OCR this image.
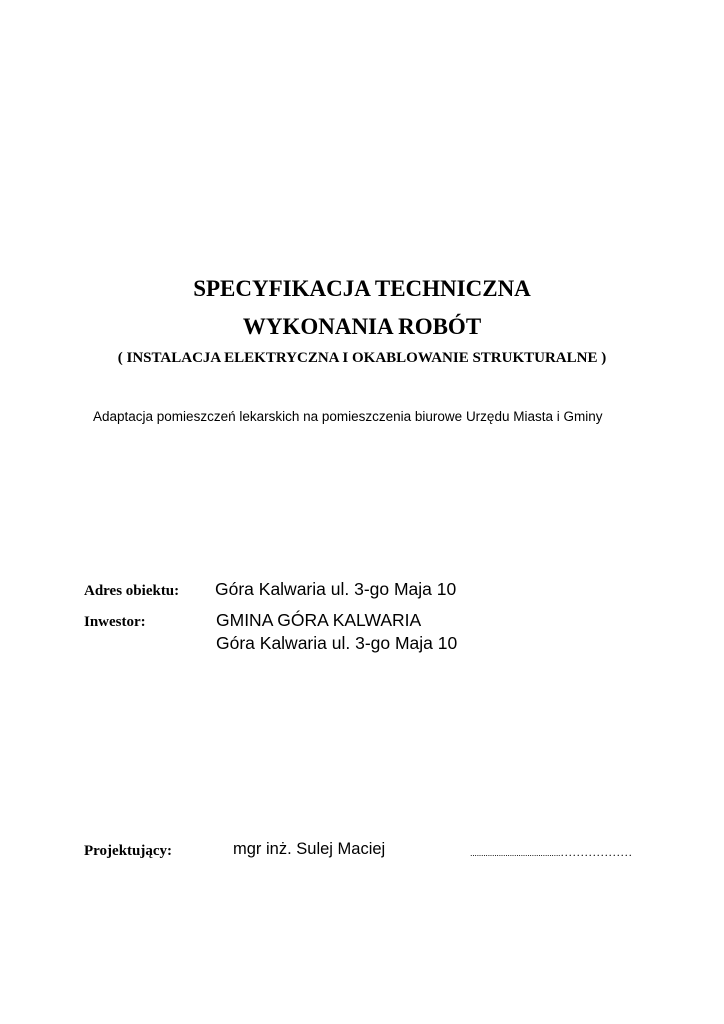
SPECYFIKACJA TECHNICZNA
WYKONANIA ROBÓT
( INSTALACJA ELEKTRYCZNA I OKABLOWANIE STRUKTURALNE )
Adaptacja pomieszczeń lekarskich na pomieszczenia biurowe Urzędu Miasta i Gminy
Adres obiektu: Góra Kalwaria ul. 3-go Maja 10
Inwestor:	GMINA GÓRA KALWARIA
Góra Kalwaria ul. 3-go Maja 10
Projektujący:	mgr inż. Sulej Maciej	.........................................………………
